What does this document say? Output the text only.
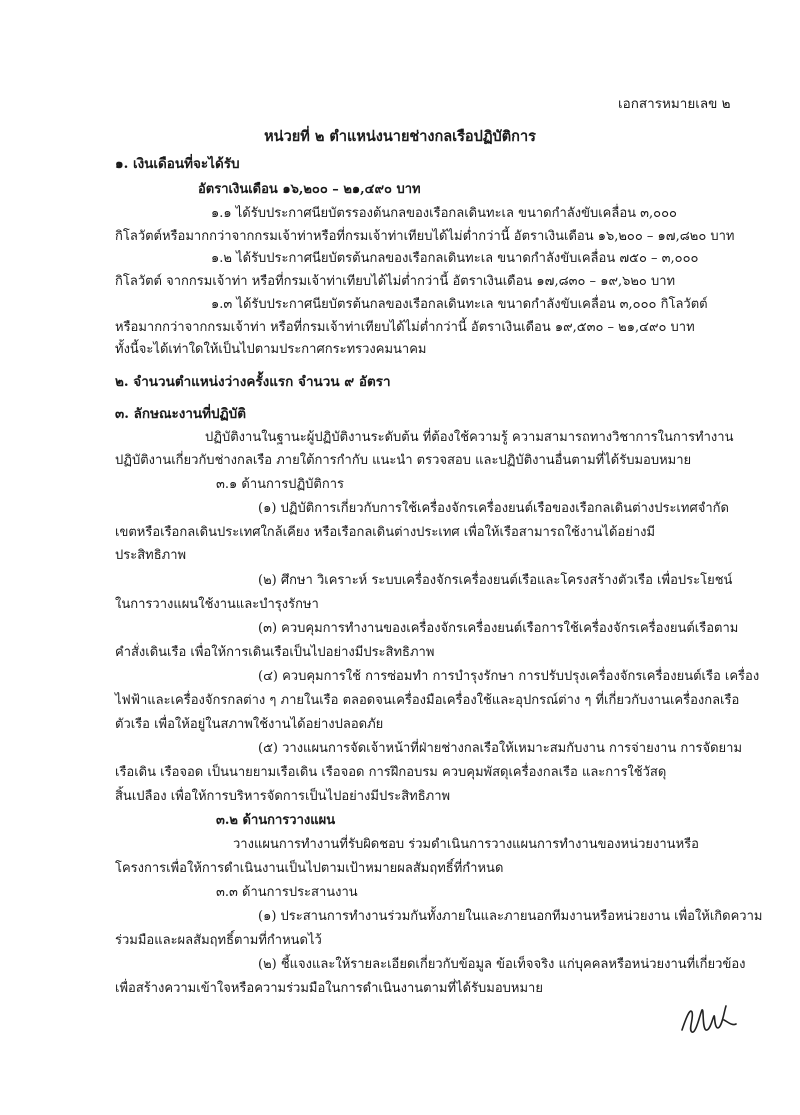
เอกสารหมายเลข ๒
หน่วยที่ ๒ ตำแหน่งนายช่างกลเรือปฏิบัติการ
๑. เงินเดือนที่จะได้รับ
อัตราเงินเดือน ๑๖,๒๐๐ – ๒๑,๔๙๐ บาท
๑.๑ ได้รับประกาศนียบัตรรองต้นกลของเรือกลเดินทะเล ขนาดกำลังขับเคลื่อน ๓,๐๐๐
กิโลวัตต์หรือมากกว่าจากกรมเจ้าท่าหรือที่กรมเจ้าท่าเทียบได้ไม่ต่ำกว่านี้ อัตราเงินเดือน ๑๖,๒๐๐ – ๑๗,๘๒๐ บาท
๑.๒ ได้รับประกาศนียบัตรต้นกลของเรือกลเดินทะเล ขนาดกำลังขับเคลื่อน ๗๕๐ – ๓,๐๐๐
กิโลวัตต์ จากกรมเจ้าท่า หรือที่กรมเจ้าท่าเทียบได้ไม่ต่ำกว่านี้ อัตราเงินเดือน ๑๗,๘๓๐ – ๑๙,๖๒๐ บาท
๑.๓ ได้รับประกาศนียบัตรต้นกลของเรือกลเดินทะเล ขนาดกำลังขับเคลื่อน ๓,๐๐๐ กิโลวัตต์
หรือมากกว่าจากกรมเจ้าท่า หรือที่กรมเจ้าท่าเทียบได้ไม่ต่ำกว่านี้ อัตราเงินเดือน ๑๙,๕๓๐ – ๒๑,๔๙๐ บาท
ทั้งนี้จะได้เท่าใดให้เป็นไปตามประกาศกระทรวงคมนาคม
๒. จำนวนตำแหน่งว่างครั้งแรก จำนวน ๙ อัตรา
๓. ลักษณะงานที่ปฏิบัติ
ปฏิบัติงานในฐานะผู้ปฏิบัติงานระดับต้น ที่ต้องใช้ความรู้ ความสามารถทางวิชาการในการทำงาน
ปฏิบัติงานเกี่ยวกับช่างกลเรือ ภายใต้การกำกับ แนะนำ ตรวจสอบ และปฏิบัติงานอื่นตามที่ได้รับมอบหมาย
๓.๑ ด้านการปฏิบัติการ
(๑) ปฏิบัติการเกี่ยวกับการใช้เครื่องจักรเครื่องยนต์เรือของเรือกลเดินต่างประเทศจำกัด
เขตหรือเรือกลเดินประเทศใกล้เคียง หรือเรือกลเดินต่างประเทศ เพื่อให้เรือสามารถใช้งานได้อย่างมี
ประสิทธิภาพ
(๒) ศึกษา วิเคราะห์ ระบบเครื่องจักรเครื่องยนต์เรือและโครงสร้างตัวเรือ เพื่อประโยชน์
ในการวางแผนใช้งานและบำรุงรักษา
(๓) ควบคุมการทำงานของเครื่องจักรเครื่องยนต์เรือการใช้เครื่องจักรเครื่องยนต์เรือตาม
คำสั่งเดินเรือ เพื่อให้การเดินเรือเป็นไปอย่างมีประสิทธิภาพ
(๔) ควบคุมการใช้ การซ่อมทำ การบำรุงรักษา การปรับปรุงเครื่องจักรเครื่องยนต์เรือ เครื่อง
ไฟฟ้าและเครื่องจักรกลต่าง ๆ ภายในเรือ ตลอดจนเครื่องมือเครื่องใช้และอุปกรณ์ต่าง ๆ ที่เกี่ยวกับงานเครื่องกลเรือ
ตัวเรือ เพื่อให้อยู่ในสภาพใช้งานได้อย่างปลอดภัย
(๕) วางแผนการจัดเจ้าหน้าที่ฝ่ายช่างกลเรือให้เหมาะสมกับงาน การจ่ายงาน การจัดยาม
เรือเดิน เรือจอด เป็นนายยามเรือเดิน เรือจอด การฝึกอบรม ควบคุมพัสดุเครื่องกลเรือ และการใช้วัสดุ
สิ้นเปลือง เพื่อให้การบริหารจัดการเป็นไปอย่างมีประสิทธิภาพ
๓.๒ ด้านการวางแผน
วางแผนการทำงานที่รับผิดชอบ ร่วมดำเนินการวางแผนการทำงานของหน่วยงานหรือ
โครงการเพื่อให้การดำเนินงานเป็นไปตามเป้าหมายผลสัมฤทธิ์ที่กำหนด
๓.๓ ด้านการประสานงาน
(๑) ประสานการทำงานร่วมกันทั้งภายในและภายนอกทีมงานหรือหน่วยงาน เพื่อให้เกิดความ
ร่วมมือและผลสัมฤทธิ์ตามที่กำหนดไว้
(๒) ชี้แจงและให้รายละเอียดเกี่ยวกับข้อมูล ข้อเท็จจริง แก่บุคคลหรือหน่วยงานที่เกี่ยวข้อง
เพื่อสร้างความเข้าใจหรือความร่วมมือในการดำเนินงานตามที่ได้รับมอบหมาย
